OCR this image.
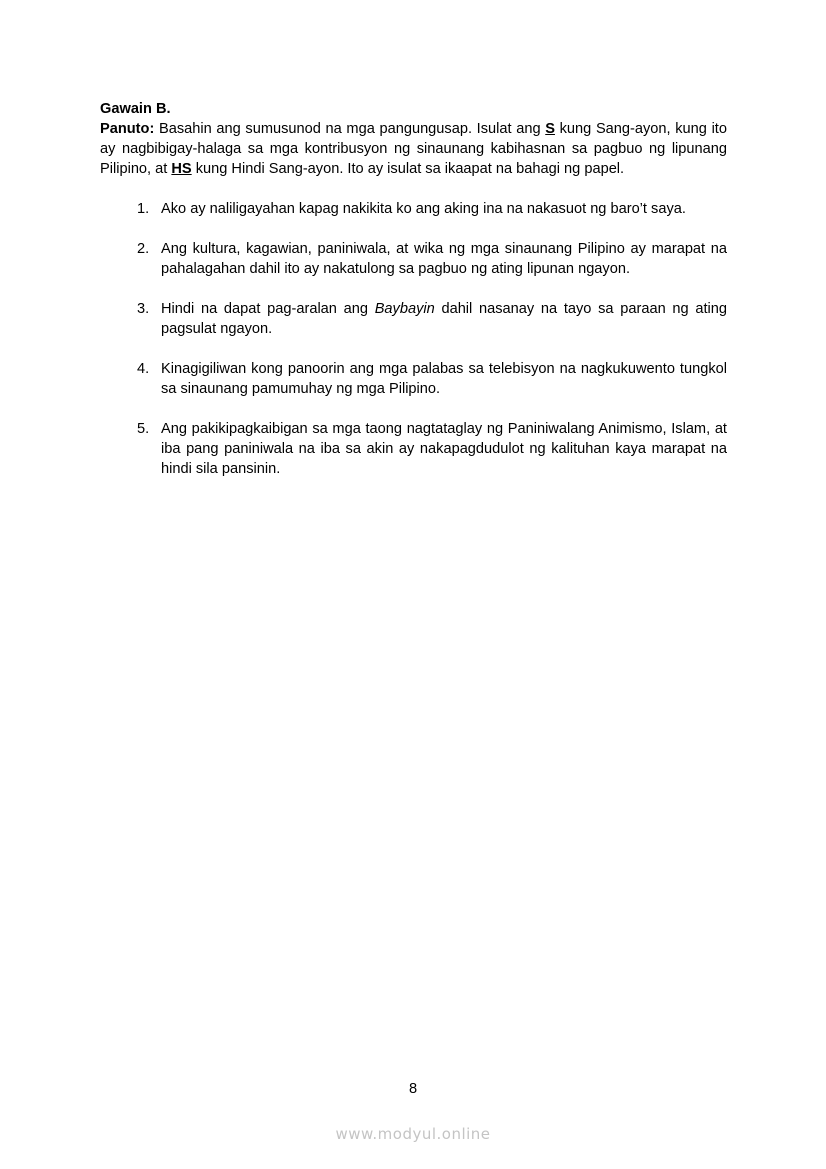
Gawain B.

Panuto: Basahin ang sumusunod na mga pangungusap. Isulat ang S kung Sang-ayon, kung ito ay nagbibigay-halaga sa mga kontribusyon ng sinaunang kabihasnan sa pagbuo ng lipunang Pilipino, at HS kung Hindi Sang-ayon. Ito ay isulat sa ikaapat na bahagi ng papel.

1. Ako ay naliligayahan kapag nakikita ko ang aking ina na nakasuot ng baro’t saya.
2. Ang kultura, kagawian, paniniwala, at wika ng mga sinaunang Pilipino ay marapat na pahalagahan dahil ito ay nakatulong sa pagbuo ng ating lipunan ngayon.
3. Hindi na dapat pag-aralan ang Baybayin dahil nasanay na tayo sa paraan ng ating pagsulat ngayon.
4. Kinagigiliwan kong panoorin ang mga palabas sa telebisyon na nagkukuwento tungkol sa sinaunang pamumuhay ng mga Pilipino.
5. Ang pakikipagkaibigan sa mga taong nagtataglay ng Paniniwalang Animismo, Islam, at iba pang paniniwala na iba sa akin ay nakapagdudulot ng kalituhan kaya marapat na hindi sila pansinin.
8
www.modyul.online
